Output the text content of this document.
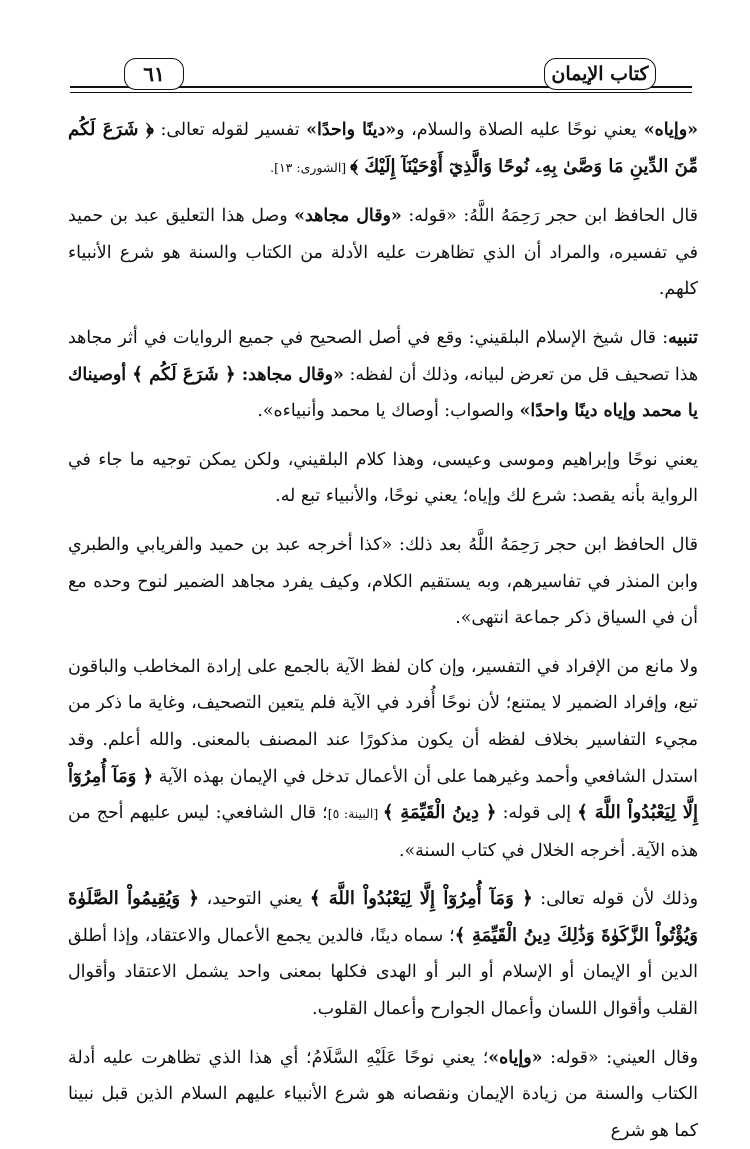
٦١	كتاب الإيمان

«وإياه» يعني نوحًا عليه الصلاة والسلام، و«دينًا واحدًا» تفسير لقوله تعالى: ﴿ شَرَعَ لَكُم مِّنَ الدِّينِ مَا وَصَّىٰ بِهِۦ نُوحًا وَالَّذِيٓ أَوْحَيْنَآ إِلَيْكَ ﴾ [الشورى: ١٣].

قال الحافظ ابن حجر رَحِمَهُ اللَّهُ: «قوله: «وقال مجاهد» وصل هذا التعليق عبد بن حميد في تفسيره، والمراد أن الذي تظاهرت عليه الأدلة من الكتاب والسنة هو شرع الأنبياء كلهم.

تنبيه: قال شيخ الإسلام البلقيني: وقع في أصل الصحيح في جميع الروايات في أثر مجاهد هذا تصحيف قل من تعرض لبيانه، وذلك أن لفظه: «وقال مجاهد: ﴿ شَرَعَ لَكُم ﴾ أوصيناك يا محمد وإياه دينًا واحدًا» والصواب: أوصاك يا محمد وأنبياءه».

يعني نوحًا وإبراهيم وموسى وعيسى، وهذا كلام البلقيني، ولكن يمكن توجيه ما جاء في الرواية بأنه يقصد: شرع لك وإياه؛ يعني نوحًا، والأنبياء تبع له.

قال الحافظ ابن حجر رَحِمَهُ اللَّهُ بعد ذلك: «كذا أخرجه عبد بن حميد والفريابي والطبري وابن المنذر في تفاسيرهم، وبه يستقيم الكلام، وكيف يفرد مجاهد الضمير لنوح وحده مع أن في السياق ذكر جماعة انتهى».

ولا مانع من الإفراد في التفسير، وإن كان لفظ الآية بالجمع على إرادة المخاطب والباقون تبع، وإفراد الضمير لا يمتنع؛ لأن نوحًا أُفرد في الآية فلم يتعين التصحيف، وغاية ما ذكر من مجيء التفاسير بخلاف لفظه أن يكون مذكورًا عند المصنف بالمعنى. والله أعلم. وقد استدل الشافعي وأحمد وغيرهما على أن الأعمال تدخل في الإيمان بهذه الآية ﴿ وَمَآ أُمِرُوٓاْ إِلَّا لِيَعْبُدُواْ اللَّهَ ﴾ إلى قوله: ﴿ دِينُ الْقَيِّمَةِ ﴾ [البينة: ٥]؛ قال الشافعي: ليس عليهم أحج من هذه الآية. أخرجه الخلال في كتاب السنة».

وذلك لأن قوله تعالى: ﴿ وَمَآ أُمِرُوٓاْ إِلَّا لِيَعْبُدُواْ اللَّهَ ﴾ يعني التوحيد، ﴿ وَيُقِيمُواْ الصَّلَوٰةَ وَيُؤْتُواْ الزَّكَوٰةَ وَذَٰلِكَ دِينُ الْقَيِّمَةِ ﴾؛ سماه دينًا، فالدين يجمع الأعمال والاعتقاد، وإذا أطلق الدين أو الإيمان أو الإسلام أو البر أو الهدى فكلها بمعنى واحد يشمل الاعتقاد وأقوال القلب وأقوال اللسان وأعمال الجوارح وأعمال القلوب.

وقال العيني: «قوله: «وإياه»؛ يعني نوحًا عَلَيْهِ السَّلَامُ؛ أي هذا الذي تظاهرت عليه أدلة الكتاب والسنة من زيادة الإيمان ونقصانه هو شرع الأنبياء عليهم السلام الذين قبل نبينا كما هو شرع
